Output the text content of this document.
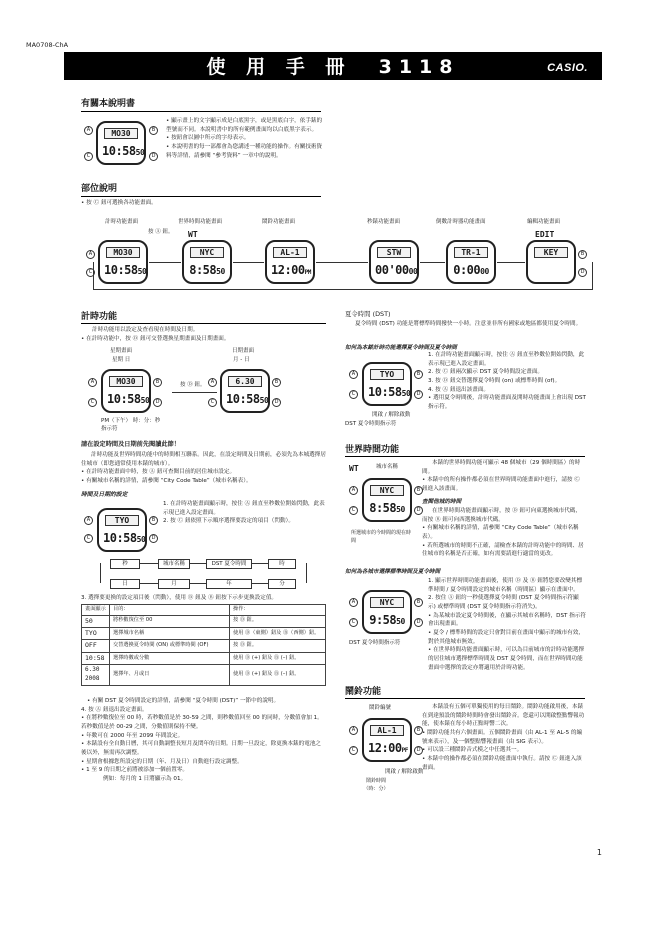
MA0708-ChA
使 用 手 冊 3118	CASIO.
有關本說明書
MO30
10:5850
A
C
B
D
• 顯示畫上的文字顯示成是白底黑字，或是黑底白字，依手錶的型號而不同。本說明書中的所有範例畫面均以白底黑字表示。
• 按鈕會以圖中所示的字母表示。
• 本說明書的每一部都會為您講述一種功能的操作。有關技術資料等詳情，請參閱 “參考資料” 一章中的說明。
部位說明
• 按 Ⓒ 鈕可選換各功能畫面。
計時功能畫面	世界時間功能畫面	鬧鈴功能畫面	秒錶功能畫面	倒數計時器功能畫面	編輯功能畫面
按 Ⓐ 鈕。 WT	EDIT
A
C
MO30
10:5850
NYC
8:5850
AL-1
12:00PM
STW
00'0000
TR-1
0:0000
KEY	B
D
計時功能
計時功能用以設定及查看現在時間及日期。
• 在計時功能中，按 Ⓓ 鈕可交替選換星期畫面及日期畫面。
星期畫面
星期 日
日期畫面
月 - 日
MO30
10:5850
A
C
B
D
按 Ⓓ 鈕。	6.30
10:5850
A
C
B
D
PM（下午） 時：分：秒
指示符
請在設定時間及日期前先閱讀此節！
計時功能及世界時間功能中的時間相互聯系。因此，在設定時間及日期前，必須先為本城選擇居住城市（即您通常使用本錶的城市）。
• 在計時功能畫面中時，按 Ⓐ 鈕可查閱目前的居住城市設定。
• 有關城市名稱的詳情，請參閱 “City Code Table”（城市名稱表）。
時間及日期的設定
TYO
10:5850
A
C
B
D
1. 在計時功能畫面顯示時，按住 Ⓐ 鈕直至秒數位開始閃動，此表示現已進入設定畫面。
2. 按 Ⓒ 鈕依照下示順序選擇要設定的項目（閃動）。
秒	城市名稱	DST 夏令時間	時
日	月	年	分
3. 選擇要更換的設定項目後（閃動），使用 Ⓓ 鈕及 Ⓑ 鈕按下示步更換設定值。
畫面顯示	目的：	操作：
50	將秒數復位至 00	按 Ⓓ 鈕。
TYO	選擇城市名稱	使用 Ⓓ（東側）鈕及 Ⓑ（西側）鈕。
OFF	交替選換夏令時間 (ON) 或標準時間 (OF)	按 Ⓓ 鈕。
10:58	選擇時數或分數	使用 Ⓓ (+) 鈕及 Ⓑ (–) 鈕。
6.30 2008	選擇年、月或日	使用 Ⓓ (+) 鈕及 Ⓑ (–) 鈕。
• 有關 DST 夏令時間設定的詳情，請參閱 “夏令時間 (DST)” 一節中的說明。
4. 按 Ⓐ 鈕退出設定畫面。
• 在將秒數復位至 00 時，若秒數值是於 30-59 之間，則秒數值回至 00 的同時，分數值會加 1。若秒數值是於 00-29 之間，分數值則保持不變。
• 年數可在 2000 年至 2099 年間設定。
• 本錶設有全自動日曆，其可自動調整長短月及閏年的日期。日期一旦設定，除更換本錶的電池之後以外，無需再次調整。
• 星期會根據您所設定的日期（年、月及日）自動進行設定調整。
• 1 至 9 的日期之前將被添加一個前置零。
例如：每月的 1 日將顯示為 01。
夏令時間 (DST)
夏令時間 (DST) 功能是將標準時間撥快一小時。注意並非所有國家或地區都使用夏令時間。
如何為本錶計時功能選擇夏令時間及夏令時間
TYO
10:5850
A
C
B
D
開啟 / 解除啟動
DST 夏令時間指示符
1. 在計時功能畫面顯示時，按住 Ⓐ 鈕直至秒數位開始閃動，此表示現已進入設定畫面。
2. 按 Ⓒ 鈕兩次顯示 DST 夏令時間設定畫面。
3. 按 Ⓓ 鈕交替選擇夏令時間 (on) 或標準時間 (of)。
4. 按 Ⓐ 鈕退出該畫面。
• 選用夏令時間後，計時功能畫面及開時功能畫面上會出現 DST 指示符。
世界時間功能
WT	城市名稱
NYC
8:5850
A
C
B
D
所選城市的今時間的現在時間
本錶的世界時間功能可顯示 48 個城市（29 個時間區）的時間。
• 本錶中的所有操作都必須在世界時間功能畫面中進行，請按 Ⓒ 鈕進入該畫面。
查閱他城的時間
在世界時間功能畫面顯示時，按 Ⓓ 鈕可向東選換城市代碼，而按 Ⓑ 鈕可向西選換城市代碼。
• 有關城市名稱的詳情，請參閱 “City Code Table”（城市名稱表）。
• 若所選城市的時間不正確，請檢查本錶的計時功能中的時間、居住城市的名稱是否正確，如有需要請進行適當的更改。
如何為各城市選擇標準時間及夏令時間
NYC
9:5850
A
C
B
D
DST 夏令時間指示符
1. 顯示世界時間功能畫面後，使用 Ⓓ 及 Ⓑ 鈕將您要改變其標準時間 / 夏令時間設定的城市名稱（時間區）顯示在畫面中。
2. 按住 Ⓐ 鈕約一秒使選擇夏令時間 (DST 夏令時間指示符顯示) 或標準時間 (DST 夏令時間指示符消失)。
• 為某城市設定夏令時間後，在顯示其城市名稱時，DST 指示符會出現畫面。
• 夏令 / 標準時間的設定只會對目前在畫面中顯示的城市有效，對於其他城市無效。
• 在世界時間功能畫面顯示時，可以為目前城市的計時功能選擇的居住城市選擇標準時間及 DST 夏令時間，而在世界時間功能畫面中選擇的設定亦將適用於計時功能。
鬧鈴功能
鬧鈴編號
AL-1
12:00PF
A
C
B
D
開啟 / 解除啟動
鬧鈴時間（時：分）
本錶設有五個可單獨使用的每日鬧鈴。鬧鈴功能啟用後，本錶在到達預設的鬧鈴時間時會發出鬧鈴音。您還可以開啟整點響報功能，使本錶在每小時正點時響二次。
• 鬧鈴功能共有六個畫面。五個鬧鈴畫面（由 AL-1 至 AL-5 的編號來表示），及一個整點響報畫面（由 SIG 表示）。
• 可以設三種鬧鈴音式模之中任選其一。
• 本錶中的操作都必須在鬧鈴功能畫面中執行。請按 Ⓒ 鈕進入該畫面。
1
